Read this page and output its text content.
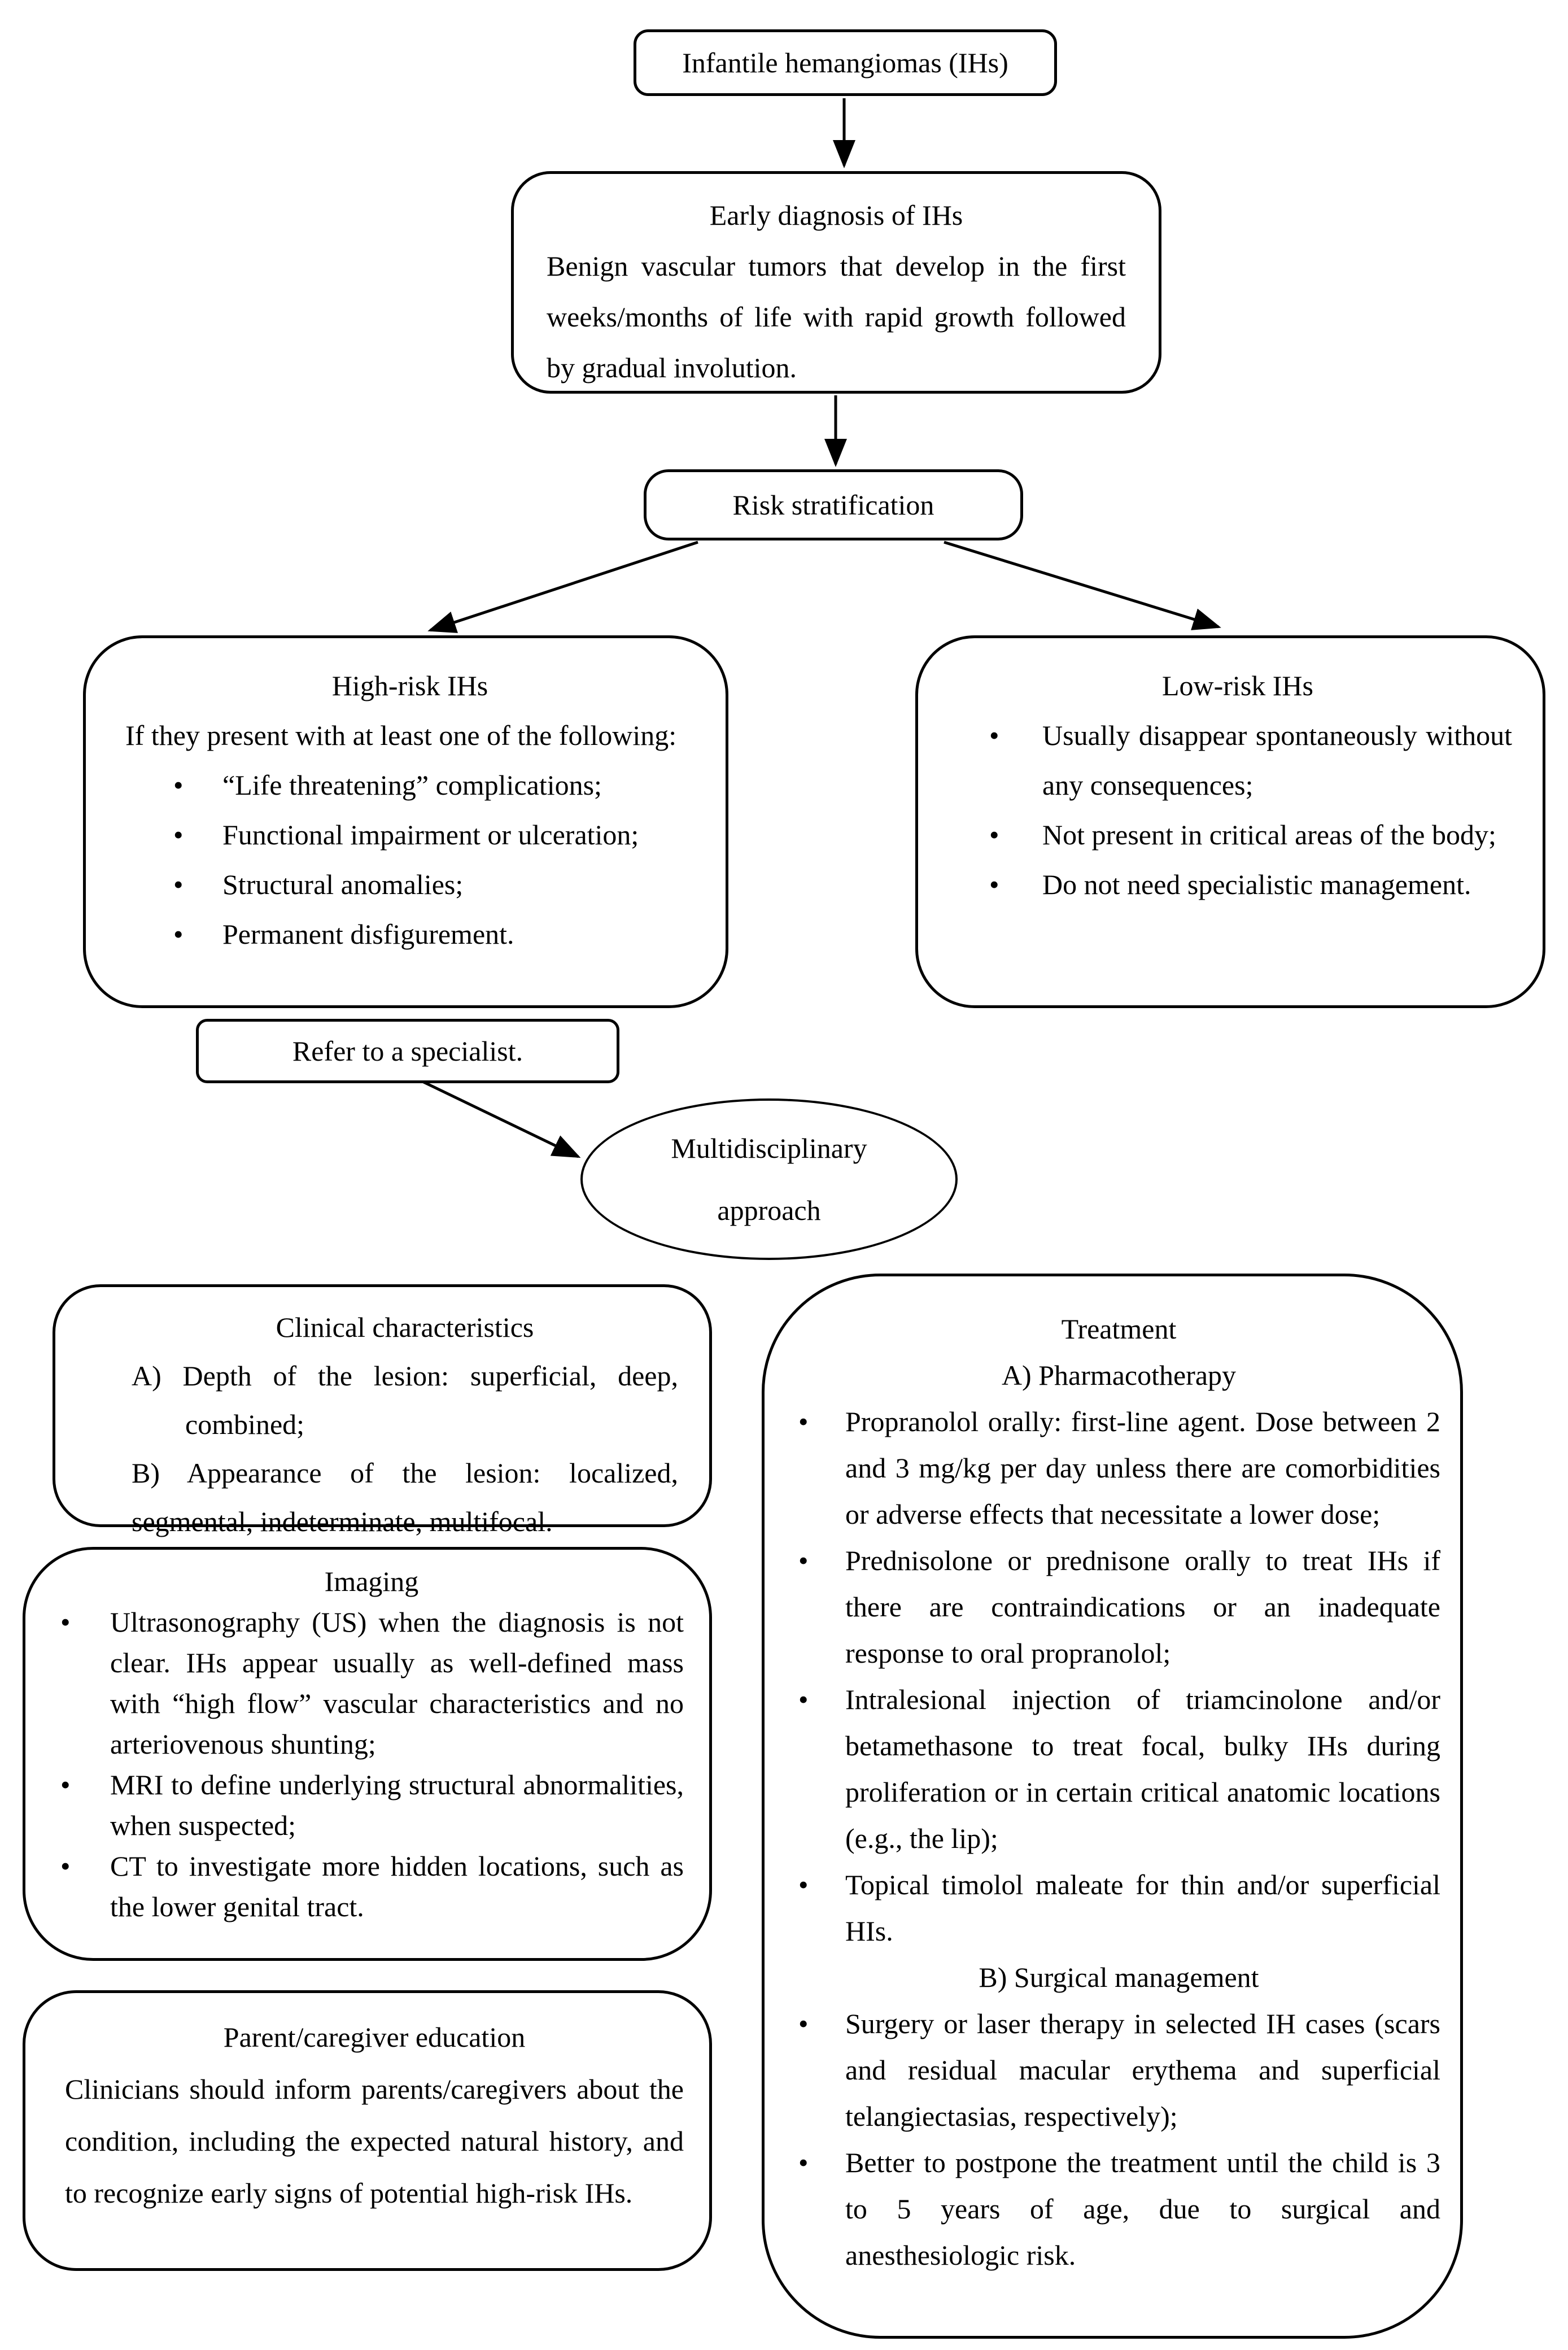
Infantile hemangiomas (IHs)
Early diagnosis of IHs
Benign vascular tumors that develop in the first weeks/months of life with rapid growth followed by gradual involution.
Risk stratification
High-risk IHs
If they present with at least one of the following:
• “Life threatening” complications;
• Functional impairment or ulceration;
• Structural anomalies;
• Permanent disfigurement.
Low-risk IHs
• Usually disappear spontaneously without any consequences;
• Not present in critical areas of the body;
• Do not need specialistic management.
Refer to a specialist.
Multidisciplinary approach
Clinical characteristics
A) Depth of the lesion: superficial, deep, combined;
B) Appearance of the lesion: localized, segmental, indeterminate, multifocal.
Imaging
• Ultrasonography (US) when the diagnosis is not clear. IHs appear usually as well-defined mass with “high flow” vascular characteristics and no arteriovenous shunting;
• MRI to define underlying structural abnormalities, when suspected;
• CT to investigate more hidden locations, such as the lower genital tract.
Parent/caregiver education
Clinicians should inform parents/caregivers about the condition, including the expected natural history, and to recognize early signs of potential high-risk IHs.
Treatment
A) Pharmacotherapy
• Propranolol orally: first-line agent. Dose between 2 and 3 mg/kg per day unless there are comorbidities or adverse effects that necessitate a lower dose;
• Prednisolone or prednisone orally to treat IHs if there are contraindications or an inadequate response to oral propranolol;
• Intralesional injection of triamcinolone and/or betamethasone to treat focal, bulky IHs during proliferation or in certain critical anatomic locations (e.g., the lip);
• Topical timolol maleate for thin and/or superficial HIs.
B) Surgical management
• Surgery or laser therapy in selected IH cases (scars and residual macular erythema and superficial telangiectasias, respectively);
• Better to postpone the treatment until the child is 3 to 5 years of age, due to surgical and anesthesiologic risk.
